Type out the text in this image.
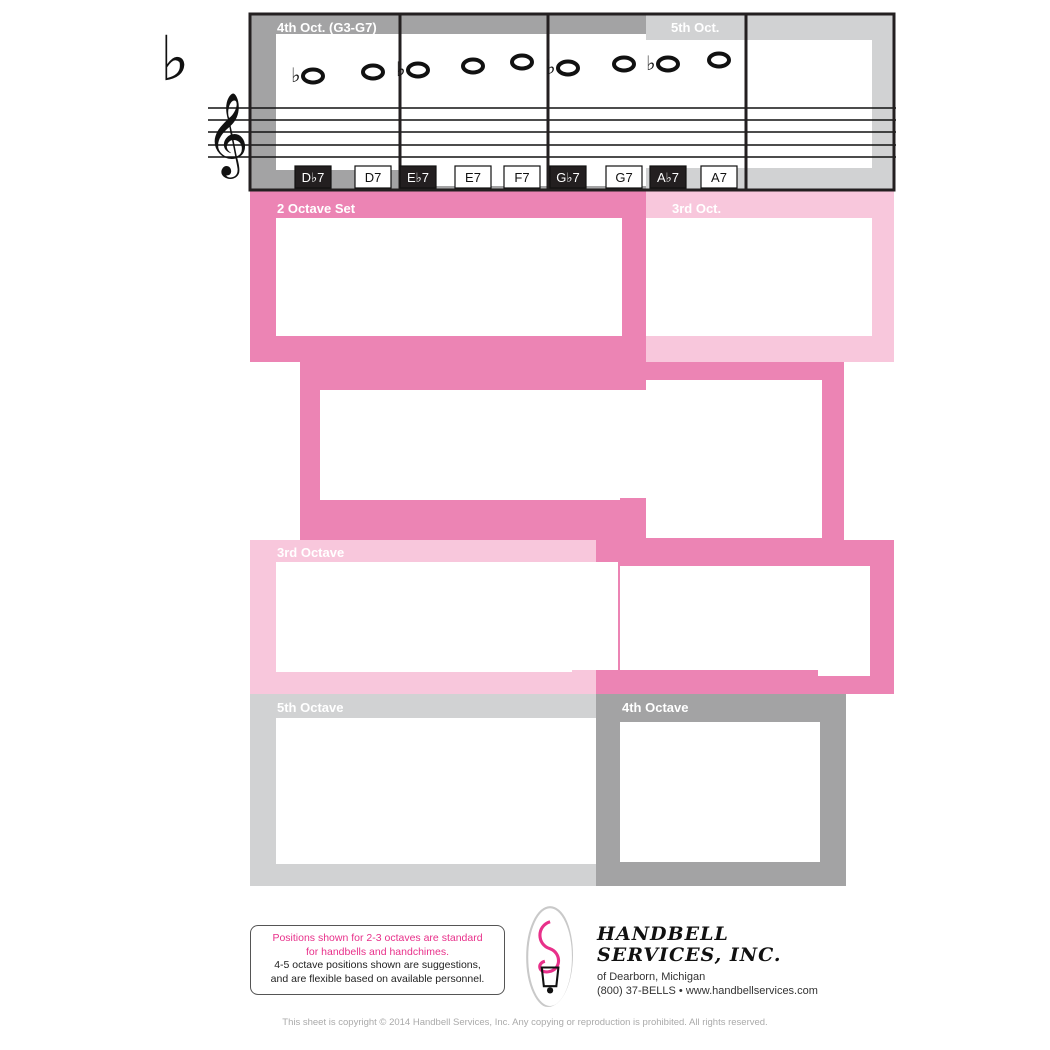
4th Oct. (G3-G7)	5th Oct.
2 Octave Set	3rd Oct.
3rd Octave
5th Octave	4th Octave
♭
𝄞
♭
D♭7	D7
♭
E♭7	E7	F7
♭
G♭7	G7
♭
A♭7 A7
Positions shown for 2-3 octaves are standard
for handbells and handchimes.
4-5 octave positions shown are suggestions,
and are flexible based on available personnel.
HANDBELL
SERVICES, INC.
of Dearborn, Michigan
(800) 37-BELLS • www.handbellservices.com
This sheet is copyright © 2014 Handbell Services, Inc. Any copying or reproduction is prohibited. All rights reserved.
